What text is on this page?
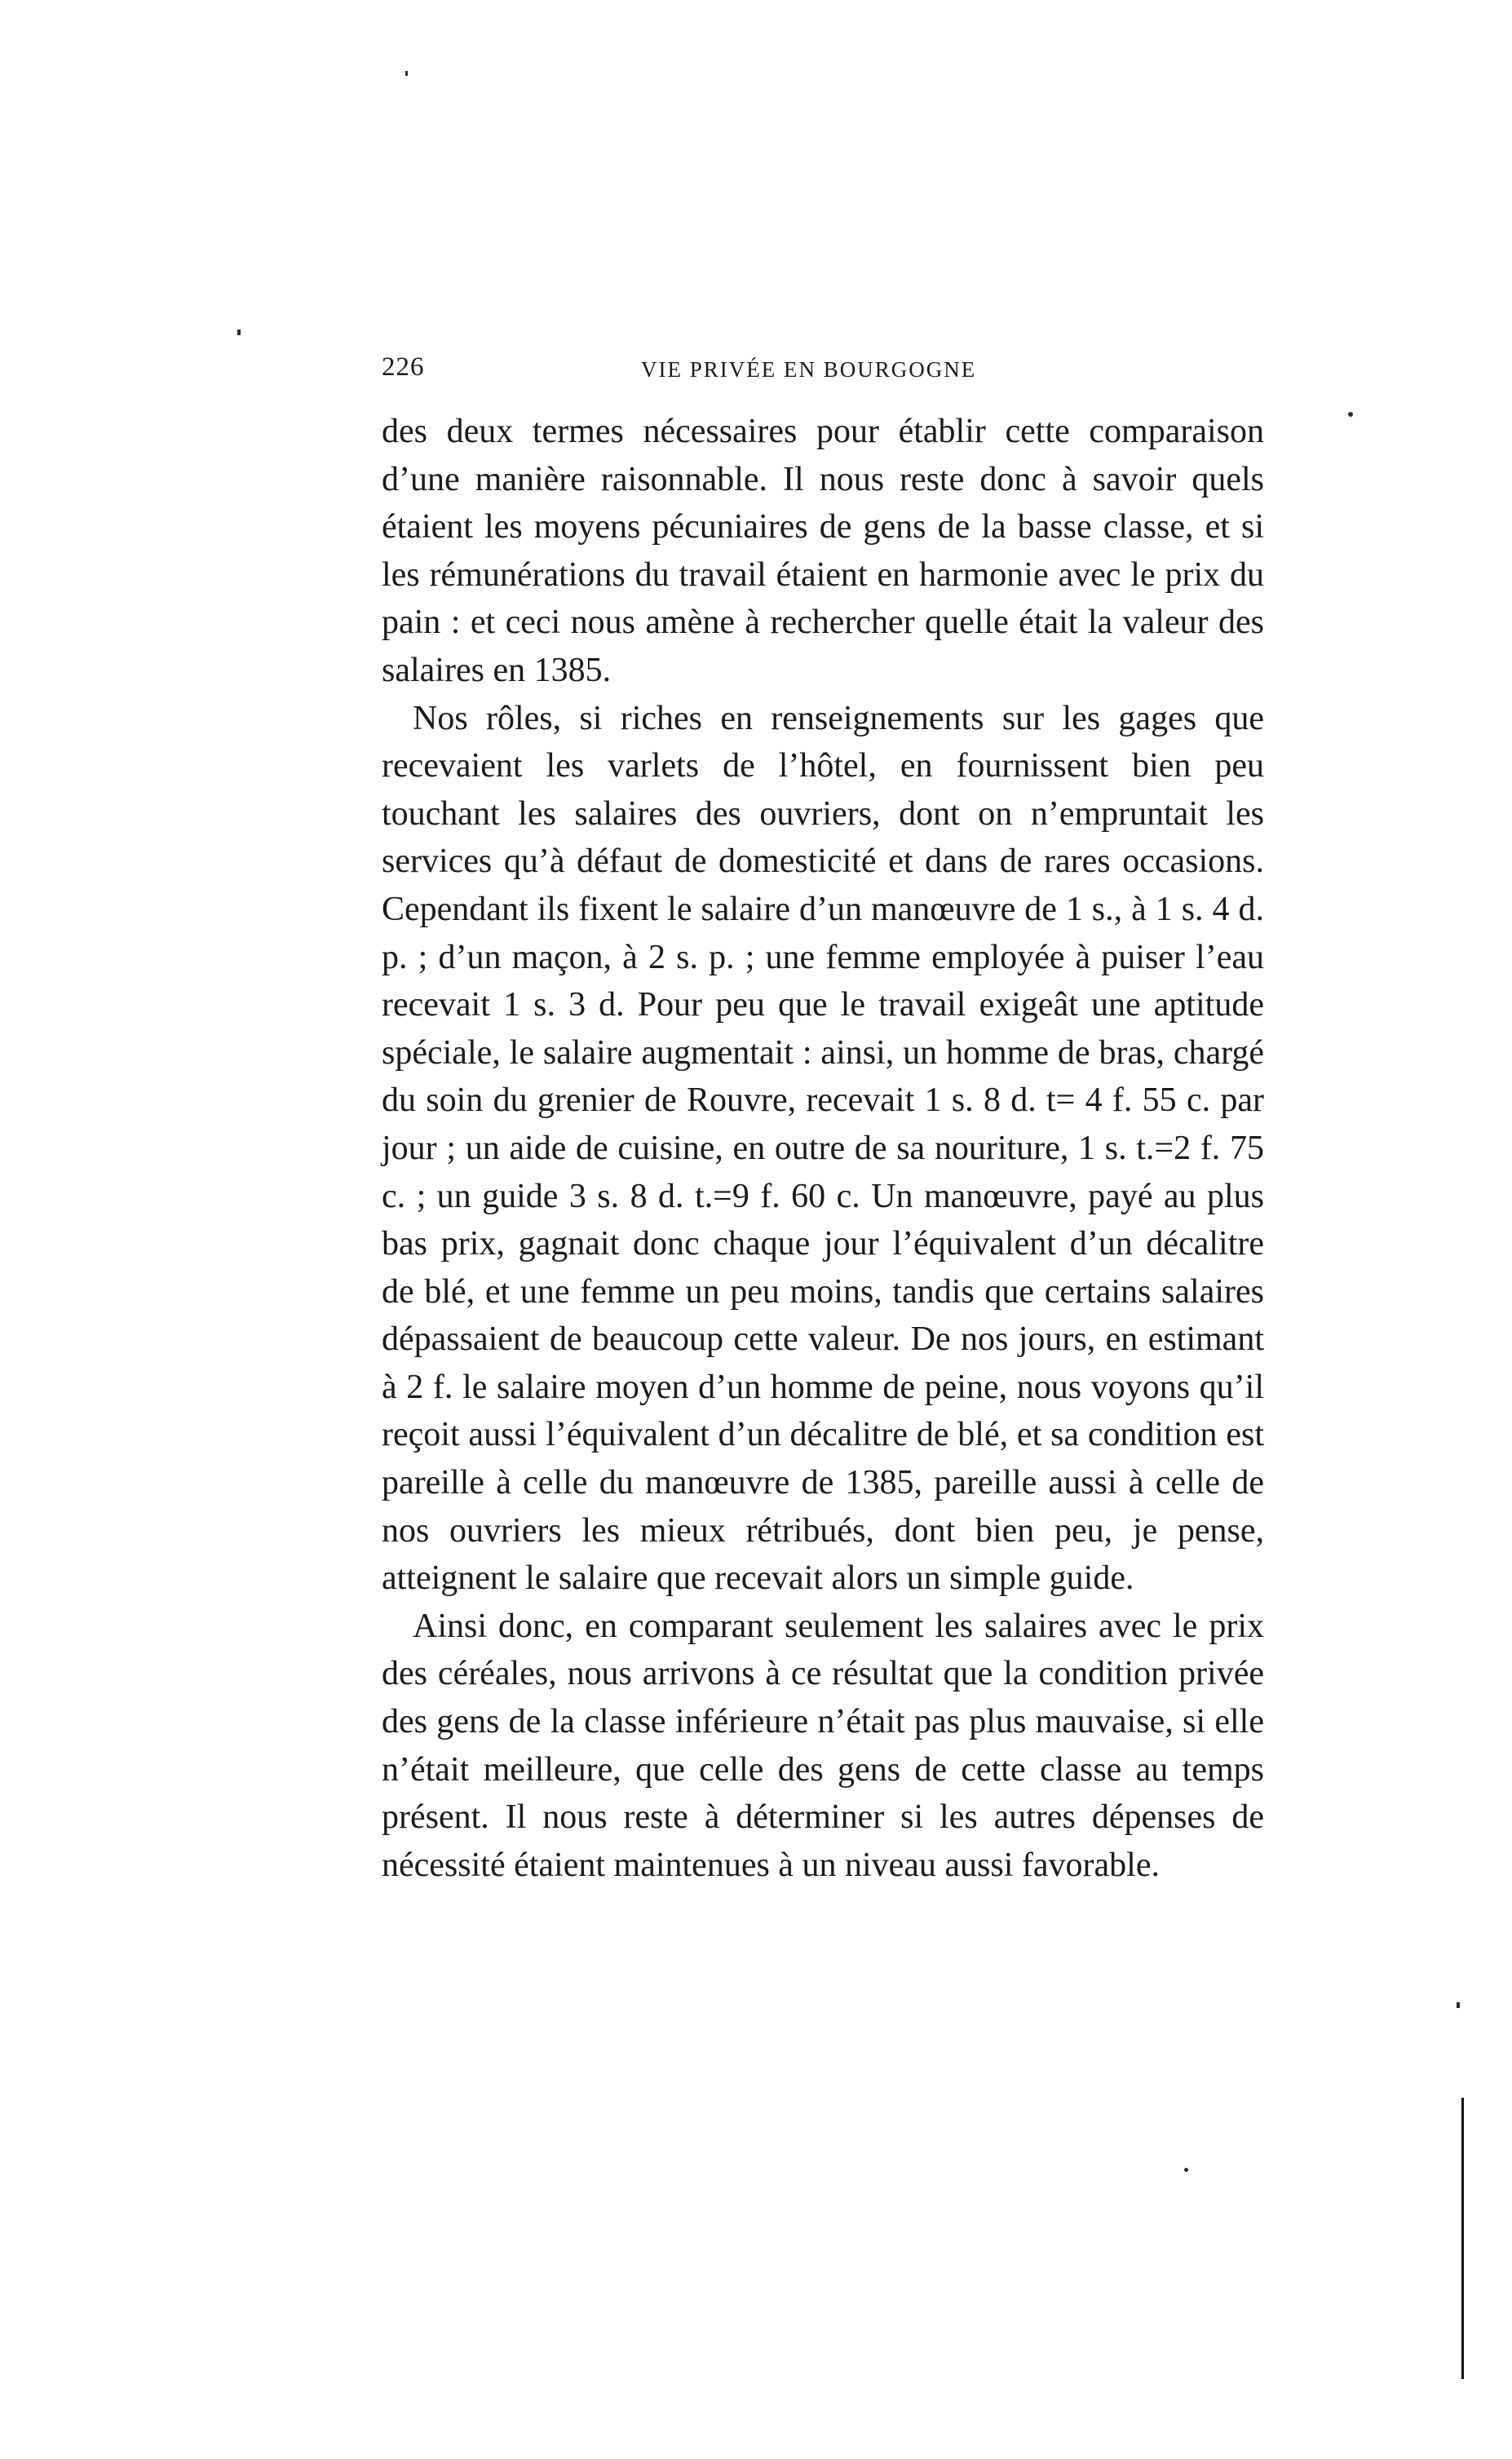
226	VIE PRIVÉE EN BOURGOGNE

des deux termes nécessaires pour établir cette comparaison d’une manière raisonnable. Il nous reste donc à savoir quels étaient les moyens pécuniaires de gens de la basse classe, et si les rémunérations du travail étaient en harmonie avec le prix du pain : et ceci nous amène à rechercher quelle était la valeur des salaires en 1385.

Nos rôles, si riches en renseignements sur les gages que recevaient les varlets de l’hôtel, en fournissent bien peu touchant les salaires des ouvriers, dont on n’empruntait les services qu’à défaut de domesticité et dans de rares occasions. Cependant ils fixent le salaire d’un manœuvre de 1 s., à 1 s. 4 d. p. ; d’un maçon, à 2 s. p. ; une femme employée à puiser l’eau recevait 1 s. 3 d. Pour peu que le travail exigeât une aptitude spéciale, le salaire augmentait : ainsi, un homme de bras, chargé du soin du grenier de Rouvre, recevait 1 s. 8 d. t= 4 f. 55 c. par jour ; un aide de cuisine, en outre de sa nouriture, 1 s. t.=2 f. 75 c. ; un guide 3 s. 8 d. t.=9 f. 60 c. Un manœuvre, payé au plus bas prix, gagnait donc chaque jour l’équivalent d’un décalitre de blé, et une femme un peu moins, tandis que certains salaires dépassaient de beaucoup cette valeur. De nos jours, en estimant à 2 f. le salaire moyen d’un homme de peine, nous voyons qu’il reçoit aussi l’équivalent d’un décalitre de blé, et sa condition est pareille à celle du manœuvre de 1385, pareille aussi à celle de nos ouvriers les mieux rétribués, dont bien peu, je pense, atteignent le salaire que recevait alors un simple guide.

Ainsi donc, en comparant seulement les salaires avec le prix des céréales, nous arrivons à ce résultat que la condition privée des gens de la classe inférieure n’était pas plus mauvaise, si elle n’était meilleure, que celle des gens de cette classe au temps présent. Il nous reste à déterminer si les autres dépenses de nécessité étaient maintenues à un niveau aussi favorable.
